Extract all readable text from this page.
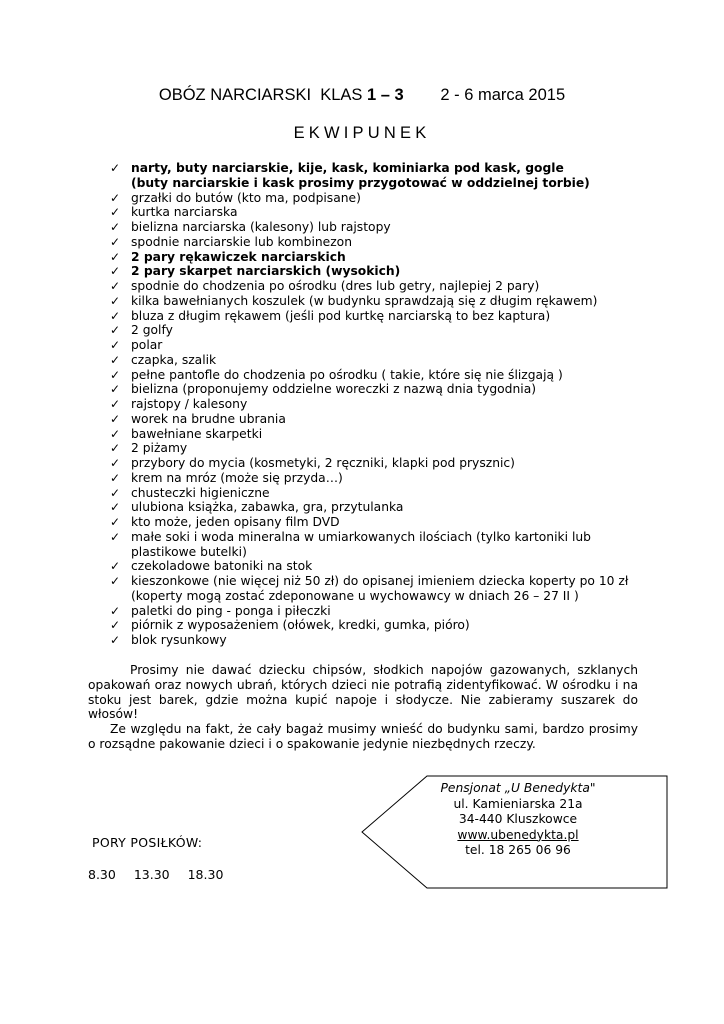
OBÓZ NARCIARSKI  KLAS 1 – 3 2 - 6 marca 2015
EKWIPUNEK
✓ narty, buty narciarskie, kije, kask, kominiarka pod kask, gogle
(buty narciarskie i kask prosimy przygotować w oddzielnej torbie)
✓ grzałki do butów (kto ma, podpisane)
✓ kurtka narciarska
✓ bielizna narciarska (kalesony) lub rajstopy
✓ spodnie narciarskie lub kombinezon
✓ 2 pary rękawiczek narciarskich
✓ 2 pary skarpet narciarskich (wysokich)
✓ spodnie do chodzenia po ośrodku (dres lub getry, najlepiej 2 pary)
✓ kilka bawełnianych koszulek (w budynku sprawdzają się z długim rękawem)
✓ bluza z długim rękawem (jeśli pod kurtkę narciarską to bez kaptura)
✓ 2 golfy
✓ polar
✓ czapka, szalik
✓ pełne pantofle do chodzenia po ośrodku ( takie, które się nie ślizgają )
✓ bielizna (proponujemy oddzielne woreczki z nazwą dnia tygodnia)
✓ rajstopy / kalesony
✓ worek na brudne ubrania
✓ bawełniane skarpetki
✓ 2 piżamy
✓ przybory do mycia (kosmetyki, 2 ręczniki, klapki pod prysznic)
✓ krem na mróz (może się przyda…)
✓ chusteczki higieniczne
✓ ulubiona książka, zabawka, gra, przytulanka
✓ kto może, jeden opisany film DVD
✓ małe soki i woda mineralna w umiarkowanych ilościach (tylko kartoniki lub
plastikowe butelki)
✓ czekoladowe batoniki na stok
✓ kieszonkowe (nie więcej niż 50 zł) do opisanej imieniem dziecka koperty po 10 zł
(koperty mogą zostać zdeponowane u wychowawcy w dniach 26 – 27 II )
✓ paletki do ping - ponga i piłeczki
✓ piórnik z wyposażeniem (ołówek, kredki, gumka, pióro)
✓ blok rysunkowy

Prosimy nie dawać dziecku chipsów, słodkich napojów gazowanych, szklanych opakowań oraz nowych ubrań, których dzieci nie potrafią zidentyfikować. W ośrodku i na stoku jest barek, gdzie można kupić napoje i słodycze. Nie zabieramy suszarek do włosów!

Ze względu na fakt, że cały bagaż musimy wnieść do budynku sami, bardzo prosimy o rozsądne pakowanie dzieci i o spakowanie jedynie niezbędnych rzeczy.

PORY POSIŁKÓW:
8.30 13.30 18.30
Pensjonat „U Benedykta"
ul. Kamieniarska 21a
34-440 Kluszkowce
www.ubenedykta.pl
tel. 18 265 06 96
